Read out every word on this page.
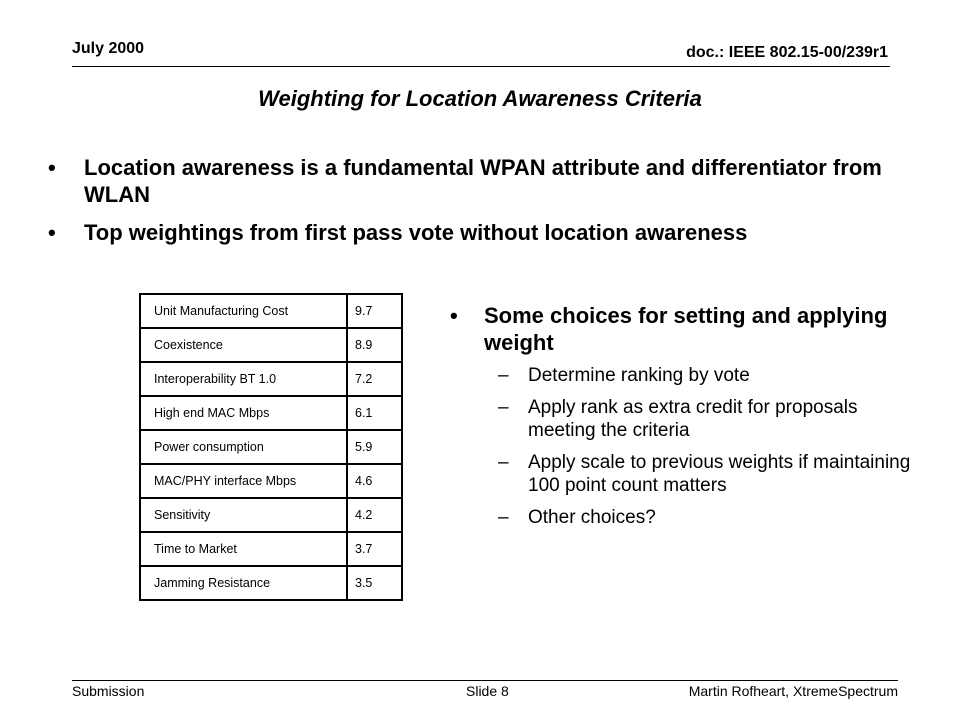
July 2000	doc.: IEEE 802.15-00/239r1
Weighting for Location Awareness Criteria
• Location awareness is a fundamental WPAN attribute and differentiator from WLAN
• Top weightings from first pass vote without location awareness
Unit Manufacturing Cost	9.7
Coexistence	8.9
Interoperability BT 1.0	7.2
High end MAC Mbps	6.1
Power consumption	5.9
MAC/PHY interface Mbps	4.6
Sensitivity	4.2
Time to Market	3.7
Jamming Resistance	3.5
• Some choices for setting and applying weight
– Determine ranking by vote
– Apply rank as extra credit for proposals meeting the criteria
– Apply scale to previous weights if maintaining 100 point count matters
– Other choices?
Submission	Slide 8	Martin Rofheart, XtremeSpectrum
